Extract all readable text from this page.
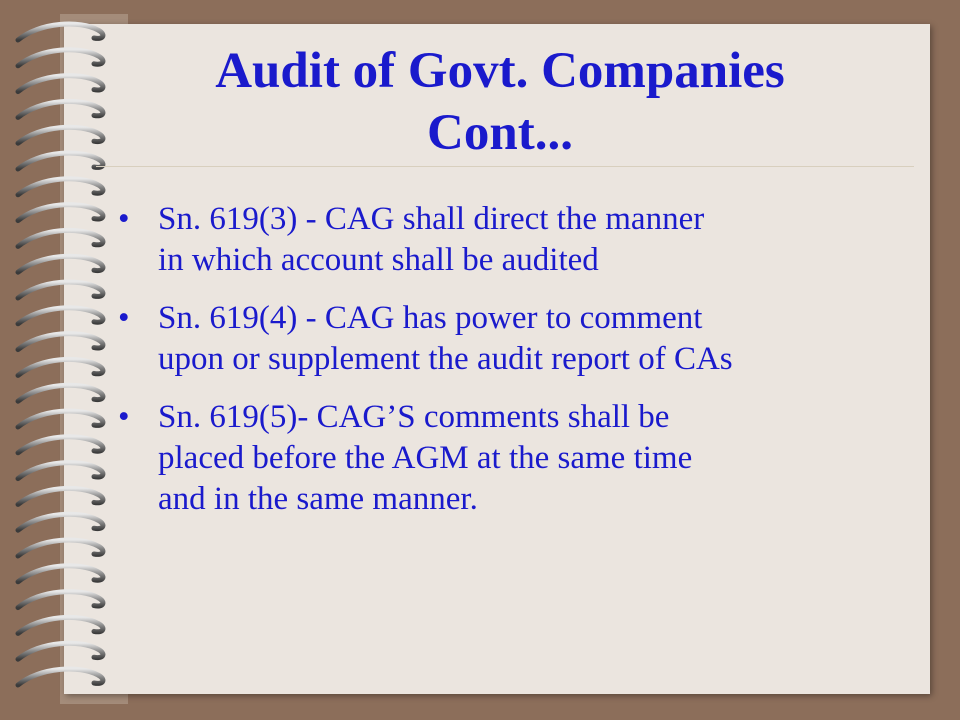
Audit of Govt. Companies
Cont...
• Sn. 619(3) - CAG shall direct the manner
in which account shall be audited
• Sn. 619(4) - CAG has power to comment
upon or supplement the audit report of CAs
• Sn. 619(5)- CAG’S comments shall be
placed before the AGM at the same time
and in the same manner.
